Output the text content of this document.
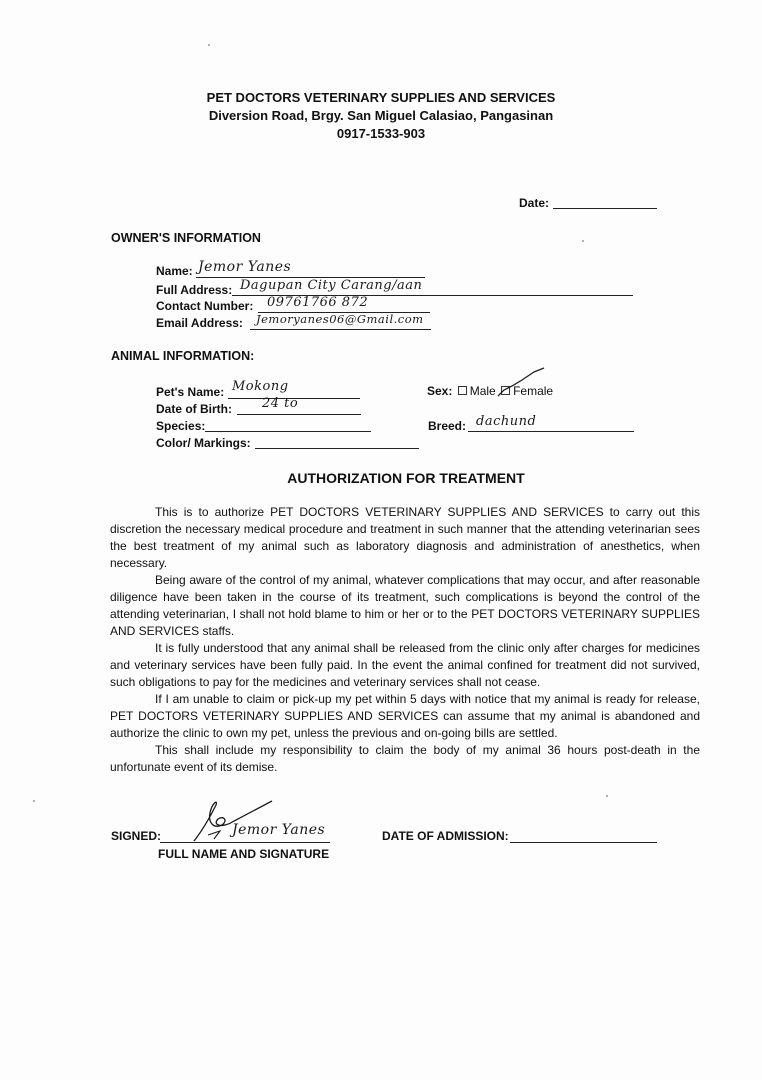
PET DOCTORS VETERINARY SUPPLIES AND SERVICES
Diversion Road, Brgy. San Miguel Calasiao, Pangasinan
0917-1533-903
Date:
OWNER'S INFORMATION
Name: Jemor Yanes
Full Address: Dagupan City Carang/aan
Contact Number: 09761766 872
Email Address: Jemoryanes06@Gmail.com
ANIMAL INFORMATION:
Pet's Name: Mokong
Date of Birth: 24 to
Species:
Color/ Markings:
Sex: Male Female
Breed: dachund
AUTHORIZATION FOR TREATMENT

This is to authorize PET DOCTORS VETERINARY SUPPLIES AND SERVICES to carry out this discretion the necessary medical procedure and treatment in such manner that the attending veterinarian sees the best treatment of my animal such as laboratory diagnosis and administration of anesthetics, when necessary.

Being aware of the control of my animal, whatever complications that may occur, and after reasonable diligence have been taken in the course of its treatment, such complications is beyond the control of the attending veterinarian, I shall not hold blame to him or her or to the PET DOCTORS VETERINARY SUPPLIES AND SERVICES staffs.

It is fully understood that any animal shall be released from the clinic only after charges for medicines and veterinary services have been fully paid. In the event the animal confined for treatment did not survived, such obligations to pay for the medicines and veterinary services shall not cease.

If I am unable to claim or pick-up my pet within 5 days with notice that my animal is ready for release, PET DOCTORS VETERINARY SUPPLIES AND SERVICES can assume that my animal is abandoned and authorize the clinic to own my pet, unless the previous and on-going bills are settled.

This shall include my responsibility to claim the body of my animal 36 hours post-death in the unfortunate event of its demise.

SIGNED:	Jemor Yanes
FULL NAME AND SIGNATURE
DATE OF ADMISSION:
